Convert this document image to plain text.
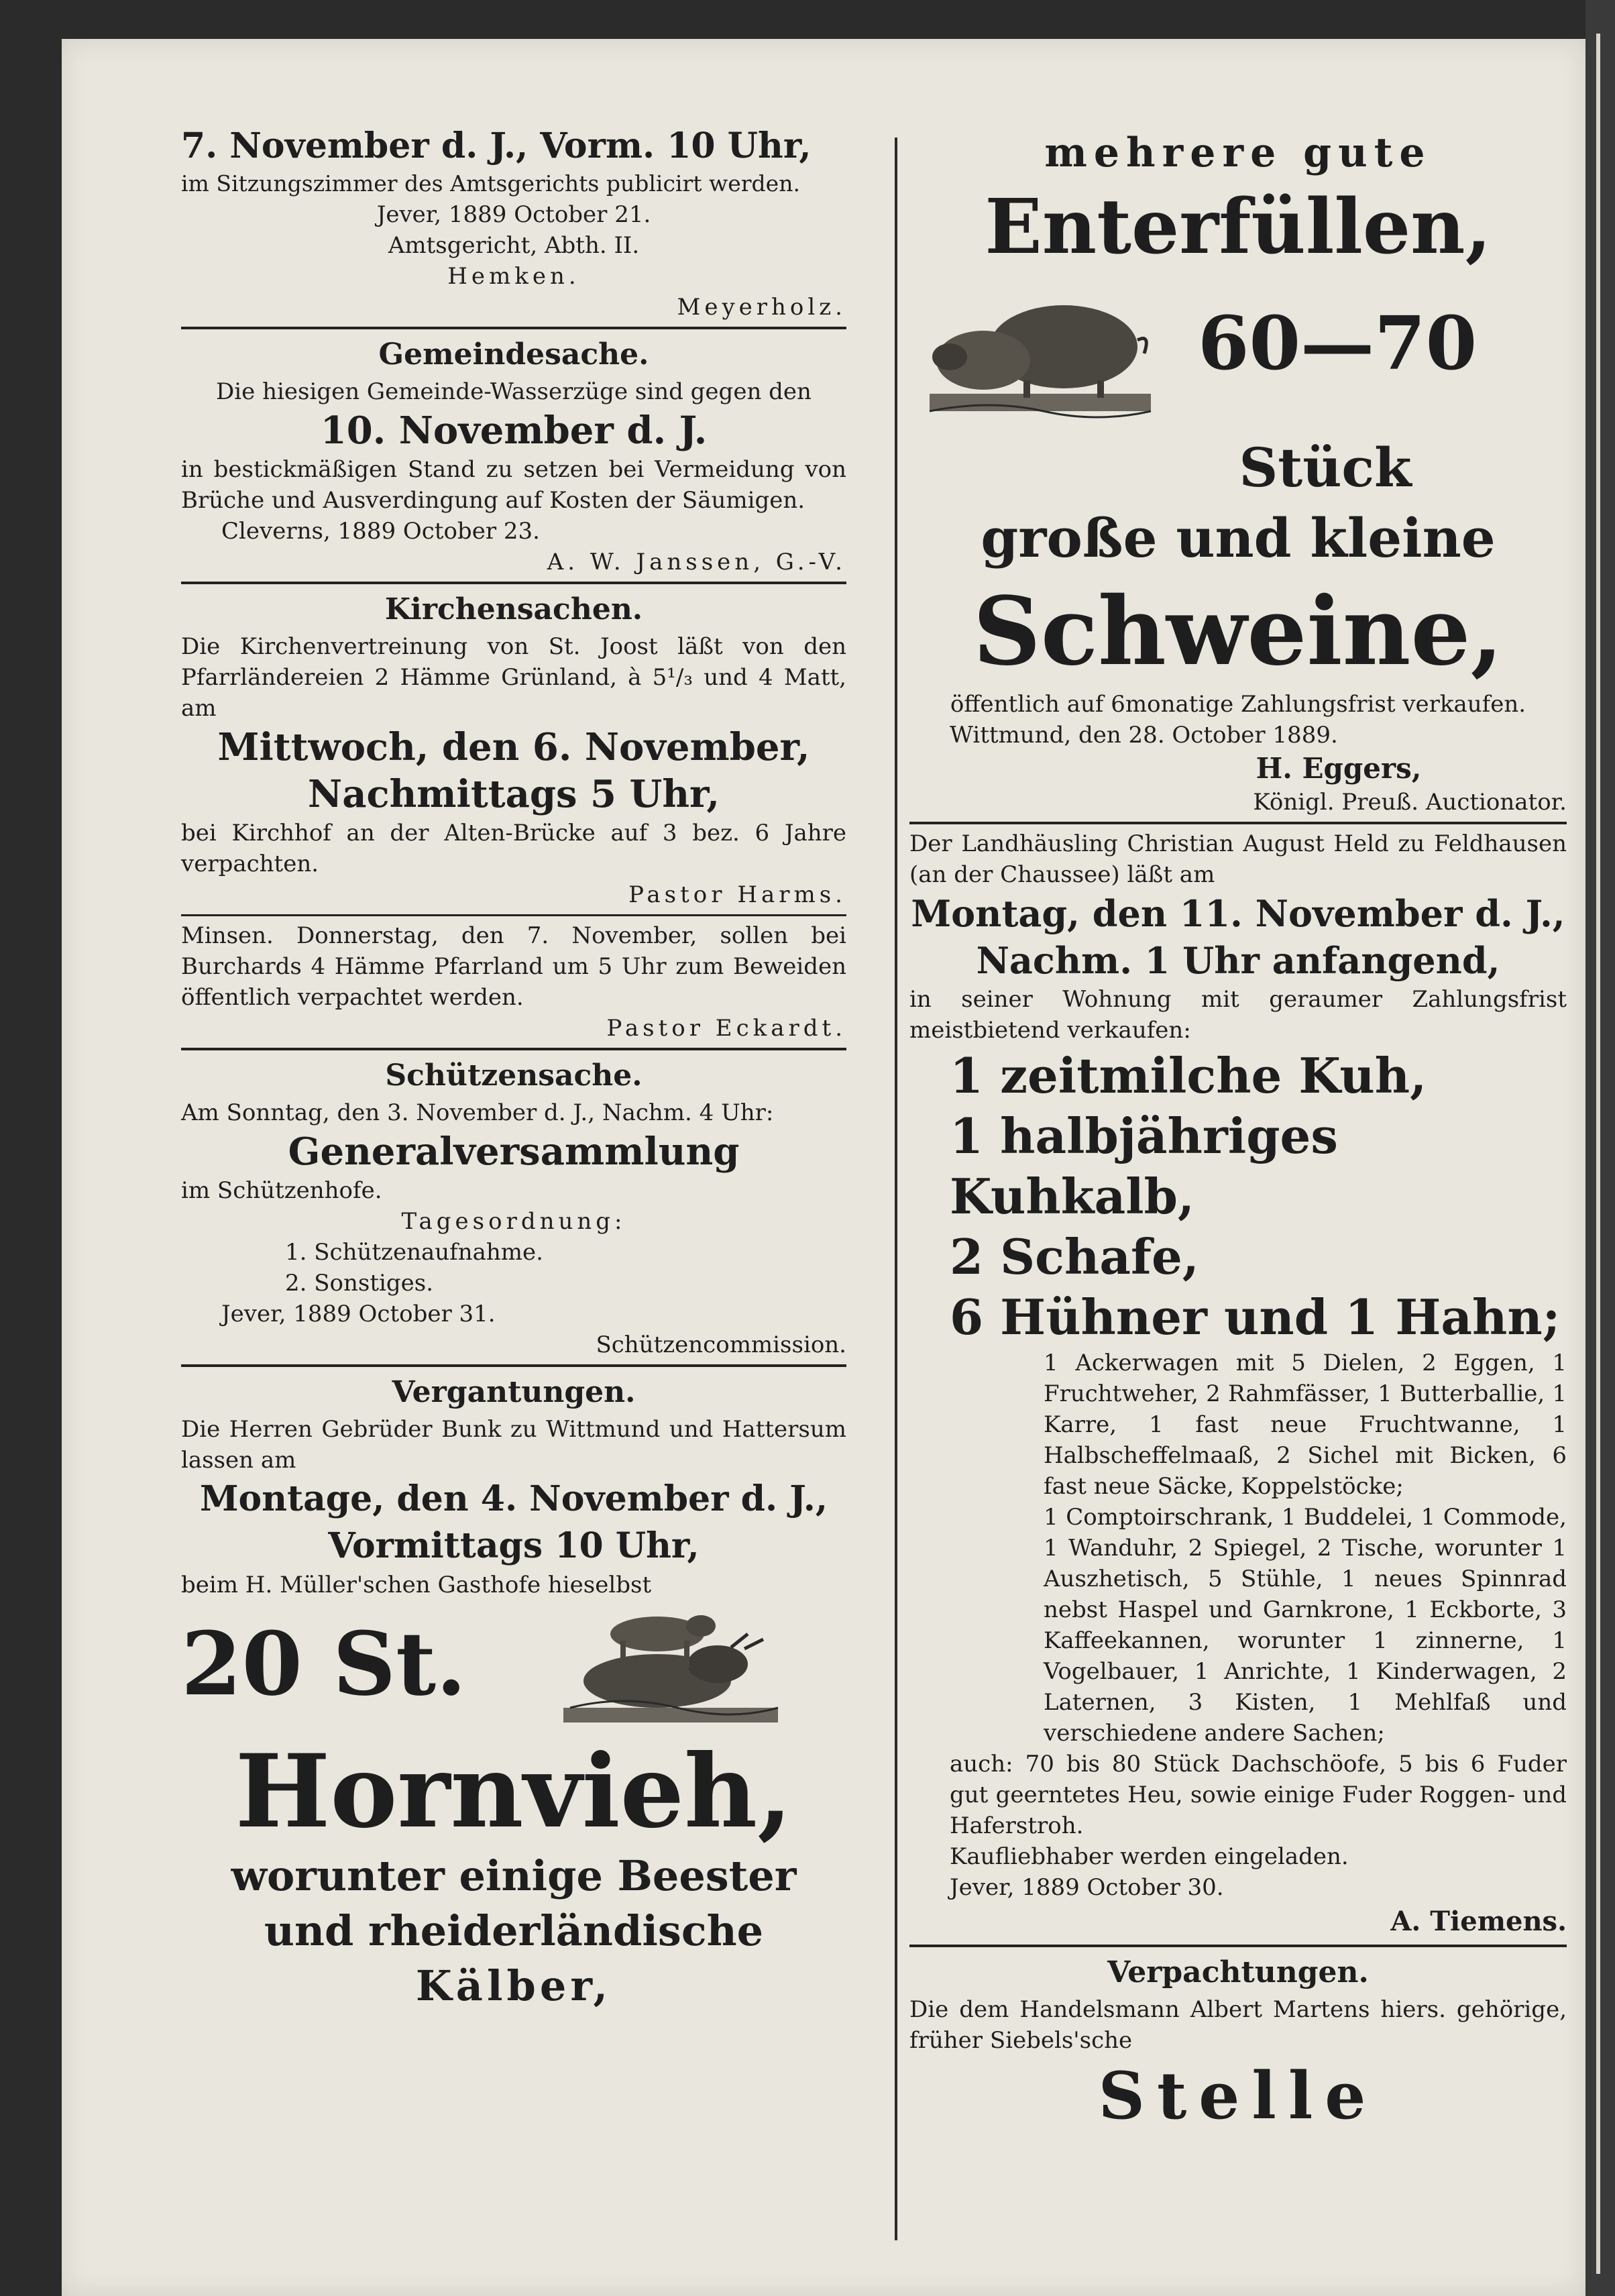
7. November d. J., Vorm. 10 Uhr,

im Sitzungszimmer des Amtsgerichts publicirt werden.

Jever, 1889 October 21.

Amtsgericht, Abth. II.

Hemken.

Meyerholz.

Gemeindesache.

Die hiesigen Gemeinde-Wasserzüge sind gegen den

10. November d. J.

in bestickmäßigen Stand zu setzen bei Vermeidung von Brüche und Ausverdingung auf Kosten der Säumigen.

Cleverns, 1889 October 23.

A. W. Janssen, G.-V.

Kirchensachen.

Die Kirchenvertreinung von St. Joost läßt von den Pfarrländereien 2 Hämme Grünland, à 5¹/₃ und 4 Matt, am

Mittwoch, den 6. November,

Nachmittags 5 Uhr,

bei Kirchhof an der Alten-Brücke auf 3 bez. 6 Jahre verpachten.

Pastor Harms.

Minsen. Donnerstag, den 7. November, sollen bei Burchards 4 Hämme Pfarrland um 5 Uhr zum Beweiden öffentlich verpachtet werden.

Pastor Eckardt.

Schützensache.

Am Sonntag, den 3. November d. J., Nachm. 4 Uhr:

Generalversammlung

im Schützenhofe.

Tagesordnung:

1. Schützenaufnahme.

2. Sonstiges.

Jever, 1889 October 31.

Schützencommission.

Vergantungen.

Die Herren Gebrüder Bunk zu Wittmund und Hattersum lassen am

Montage, den 4. November d. J.,

Vormittags 10 Uhr,

beim H. Müller'schen Gasthofe hieselbst

20 St.

Hornvieh,

worunter einige Beester

und rheiderländische

Kälber,

mehrere gute

Enterfüllen,

60—70

Stück

große und kleine

Schweine,

öffentlich auf 6monatige Zahlungsfrist verkaufen.

Wittmund, den 28. October 1889.

H. Eggers,

Königl. Preuß. Auctionator.

Der Landhäusling Christian August Held zu Feldhausen (an der Chaussee) läßt am

Montag, den 11. November d. J.,

Nachm. 1 Uhr anfangend,

in seiner Wohnung mit geraumer Zahlungsfrist meistbietend verkaufen:

1 zeitmilche Kuh,

1 halbjähriges Kuhkalb,

2 Schafe,

6 Hühner und 1 Hahn;

1 Ackerwagen mit 5 Dielen, 2 Eggen, 1 Fruchtweher, 2 Rahmfässer, 1 Butterballie, 1 Karre, 1 fast neue Fruchtwanne, 1 Halbscheffelmaaß, 2 Sichel mit Bicken, 6 fast neue Säcke, Koppelstöcke;

1 Comptoirschrank, 1 Buddelei, 1 Commode, 1 Wanduhr, 2 Spiegel, 2 Tische, worunter 1 Auszhetisch, 5 Stühle, 1 neues Spinnrad nebst Haspel und Garnkrone, 1 Eckborte, 3 Kaffeekannen, worunter 1 zinnerne, 1 Vogelbauer, 1 Anrichte, 1 Kinderwagen, 2 Laternen, 3 Kisten, 1 Mehlfaß und verschiedene andere Sachen;

auch: 70 bis 80 Stück Dachschöofe, 5 bis 6 Fuder gut geerntetes Heu, sowie einige Fuder Roggen- und Haferstroh.

Kaufliebhaber werden eingeladen.

Jever, 1889 October 30.

A. Tiemens.

Verpachtungen.

Die dem Handelsmann Albert Martens hiers. gehörige, früher Siebels'sche

Stelle
